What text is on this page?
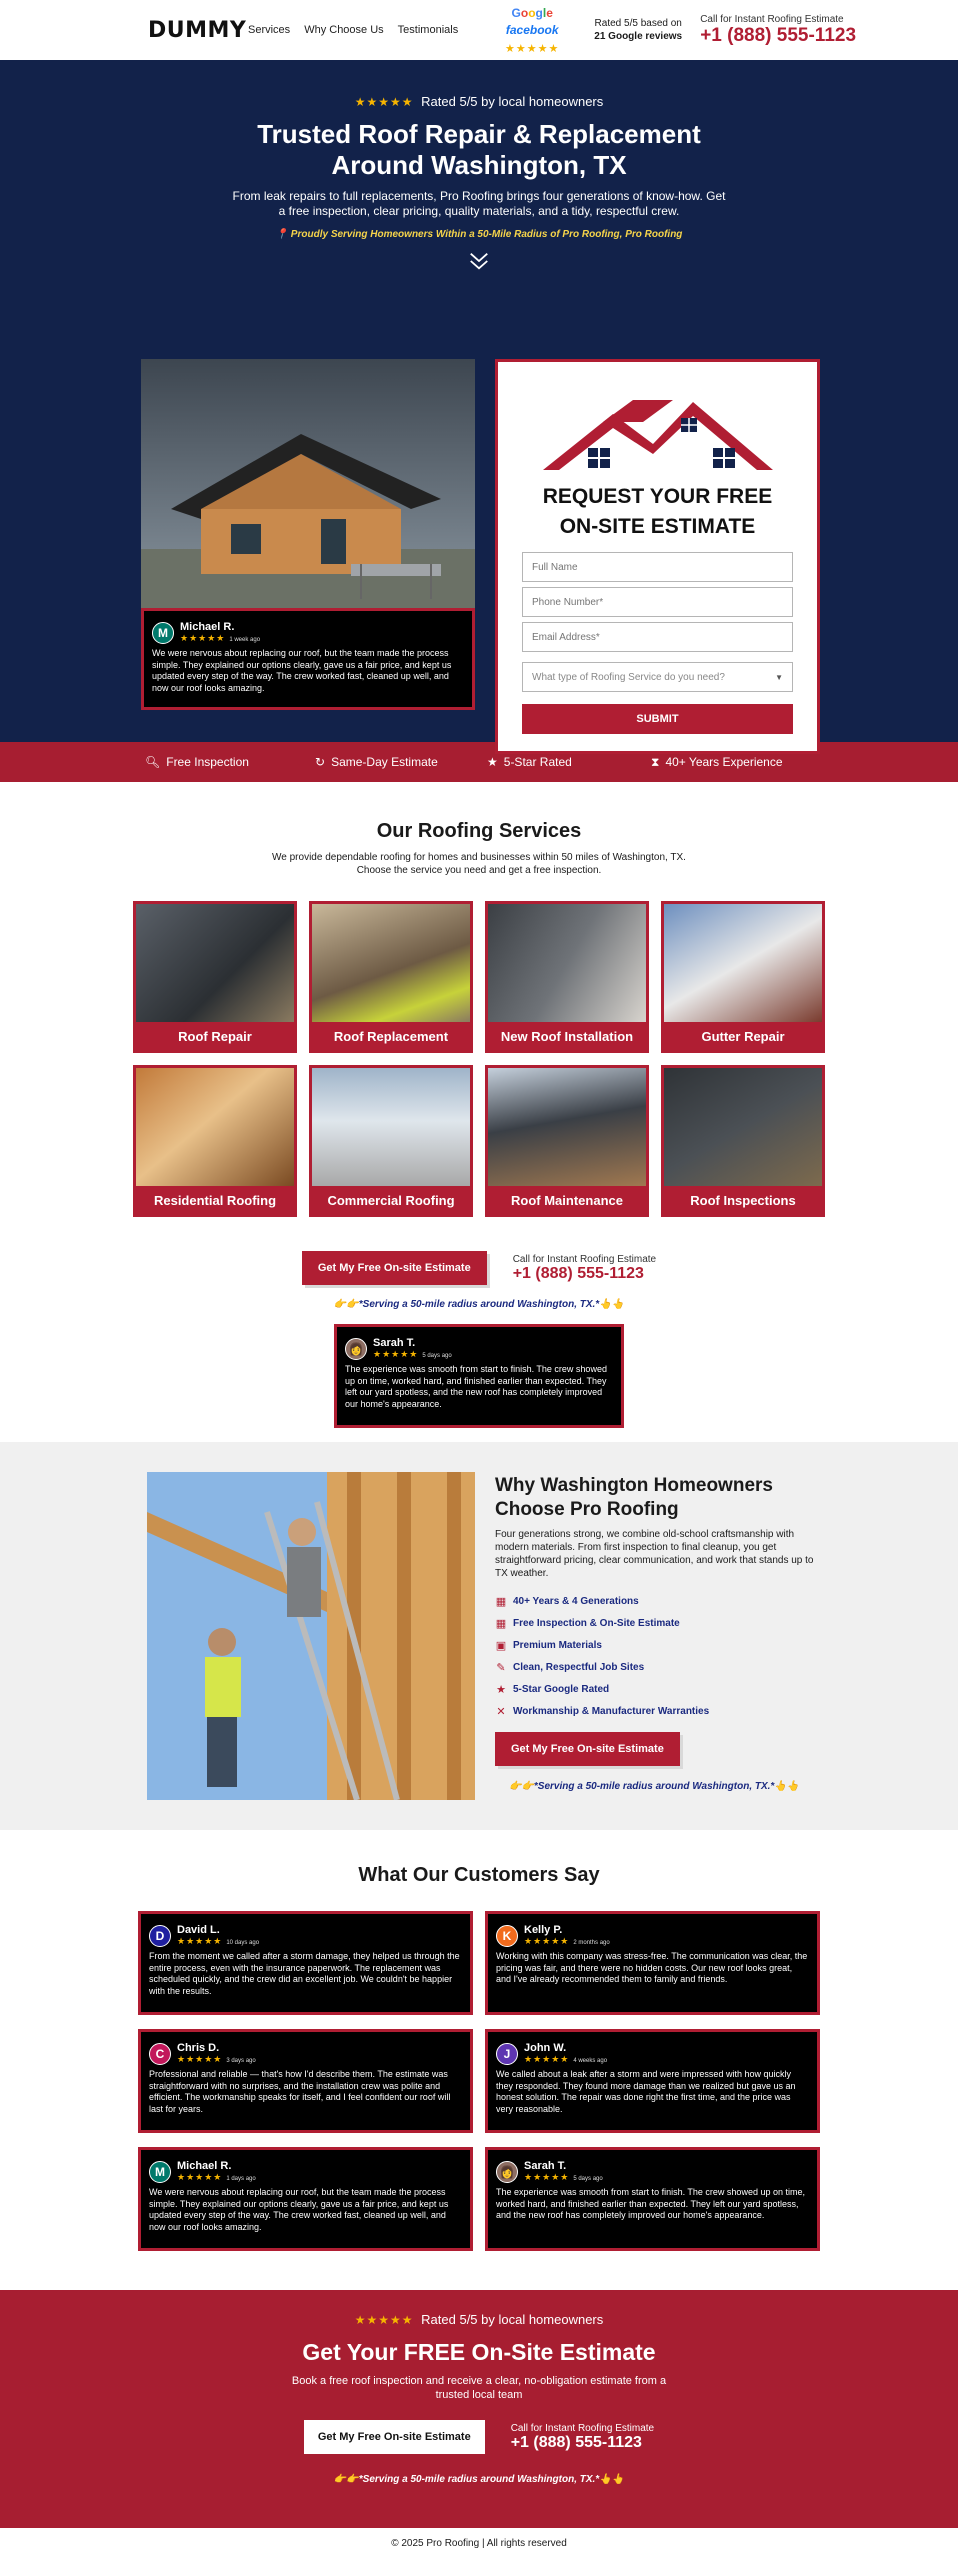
DUMMY Services Why Choose Us Testimonials
Google facebook
★★★★★
Rated 5/5 based on
21 Google reviews
Call for Instant Roofing Estimate
+1 (888) 555-1123
★★★★★ Rated 5/5 by local homeowners
Trusted Roof Repair & Replacement Around Washington, TX

From leak repairs to full replacements, Pro Roofing brings four generations of know-how. Get a free inspection, clear pricing, quality materials, and a tidy, respectful crew.

📍 Proudly Serving Homeowners Within a 50-Mile Radius of Pro Roofing, Pro Roofing

M	Michael R.
★★★★★ 1 week ago

We were nervous about replacing our roof, but the team made the process simple. They explained our options clearly, gave us a fair price, and kept us updated every step of the way. The crew worked fast, cleaned up well, and now our roof looks amazing.

REQUEST YOUR FREE
ON-SITE ESTIMATE
Full Name
Phone Number*
Email Address*
What type of Roofing Service do you need?	▼
SUBMIT
🔍︎ Free Inspection	↻ Same-Day Estimate	★ 5-Star Rated	⧗ 40+ Years Experience
Our Roofing Services

We provide dependable roofing for homes and businesses within 50 miles of Washington, TX. Choose the service you need and get a free inspection.

Roof Repair	Roof Replacement	New Roof Installation	Gutter Repair
Residential Roofing	Commercial Roofing	Roof Maintenance	Roof Inspections
Get My Free On-site Estimate
Call for Instant Roofing Estimate
+1 (888) 555-1123

👉👉*Serving a 50-mile radius around Washington, TX.*👆👆

👩 Sarah T.
★★★★★ 5 days ago

The experience was smooth from start to finish. The crew showed up on time, worked hard, and finished earlier than expected. They left our yard spotless, and the new roof has completely improved our home's appearance.

Why Washington Homeowners Choose Pro Roofing

Four generations strong, we combine old-school craftsmanship with modern materials. From first inspection to final cleanup, you get straightforward pricing, clear communication, and work that stands up to TX weather.

▦ 40+ Years & 4 Generations
▦ Free Inspection & On-Site Estimate
▣ Premium Materials
✎ Clean, Respectful Job Sites
★ 5-Star Google Rated
✕ Workmanship & Manufacturer Warranties
Get My Free On-site Estimate

👉👉*Serving a 50-mile radius around Washington, TX.*👆👆

What Our Customers Say
D	David L.
★★★★★ 10 days ago

From the moment we called after a storm damage, they helped us through the entire process, even with the insurance paperwork. The replacement was scheduled quickly, and the crew did an excellent job. We couldn't be happier with the results.

K	Kelly P.
★★★★★ 2 months ago

Working with this company was stress-free. The communication was clear, the pricing was fair, and there were no hidden costs. Our new roof looks great, and I've already recommended them to family and friends.

C	Chris D.
★★★★★ 3 days ago

Professional and reliable — that's how I'd describe them. The estimate was straightforward with no surprises, and the installation crew was polite and efficient. The workmanship speaks for itself, and I feel confident our roof will last for years.

J	John W.
★★★★★ 4 weeks ago

We called about a leak after a storm and were impressed with how quickly they responded. They found more damage than we realized but gave us an honest solution. The repair was done right the first time, and the price was very reasonable.

M	Michael R.
★★★★★ 1 days ago

We were nervous about replacing our roof, but the team made the process simple. They explained our options clearly, gave us a fair price, and kept us updated every step of the way. The crew worked fast, cleaned up well, and now our roof looks amazing.

👩 Sarah T.
★★★★★ 5 days ago

The experience was smooth from start to finish. The crew showed up on time, worked hard, and finished earlier than expected. They left our yard spotless, and the new roof has completely improved our home's appearance.

★★★★★ Rated 5/5 by local homeowners
Get Your FREE On-Site Estimate

Book a free roof inspection and receive a clear, no-obligation estimate from a trusted local team

Get My Free On-site Estimate
Call for Instant Roofing Estimate
+1 (888) 555-1123

👉👉*Serving a 50-mile radius around Washington, TX.*👆👆

© 2025 Pro Roofing | All rights reserved
